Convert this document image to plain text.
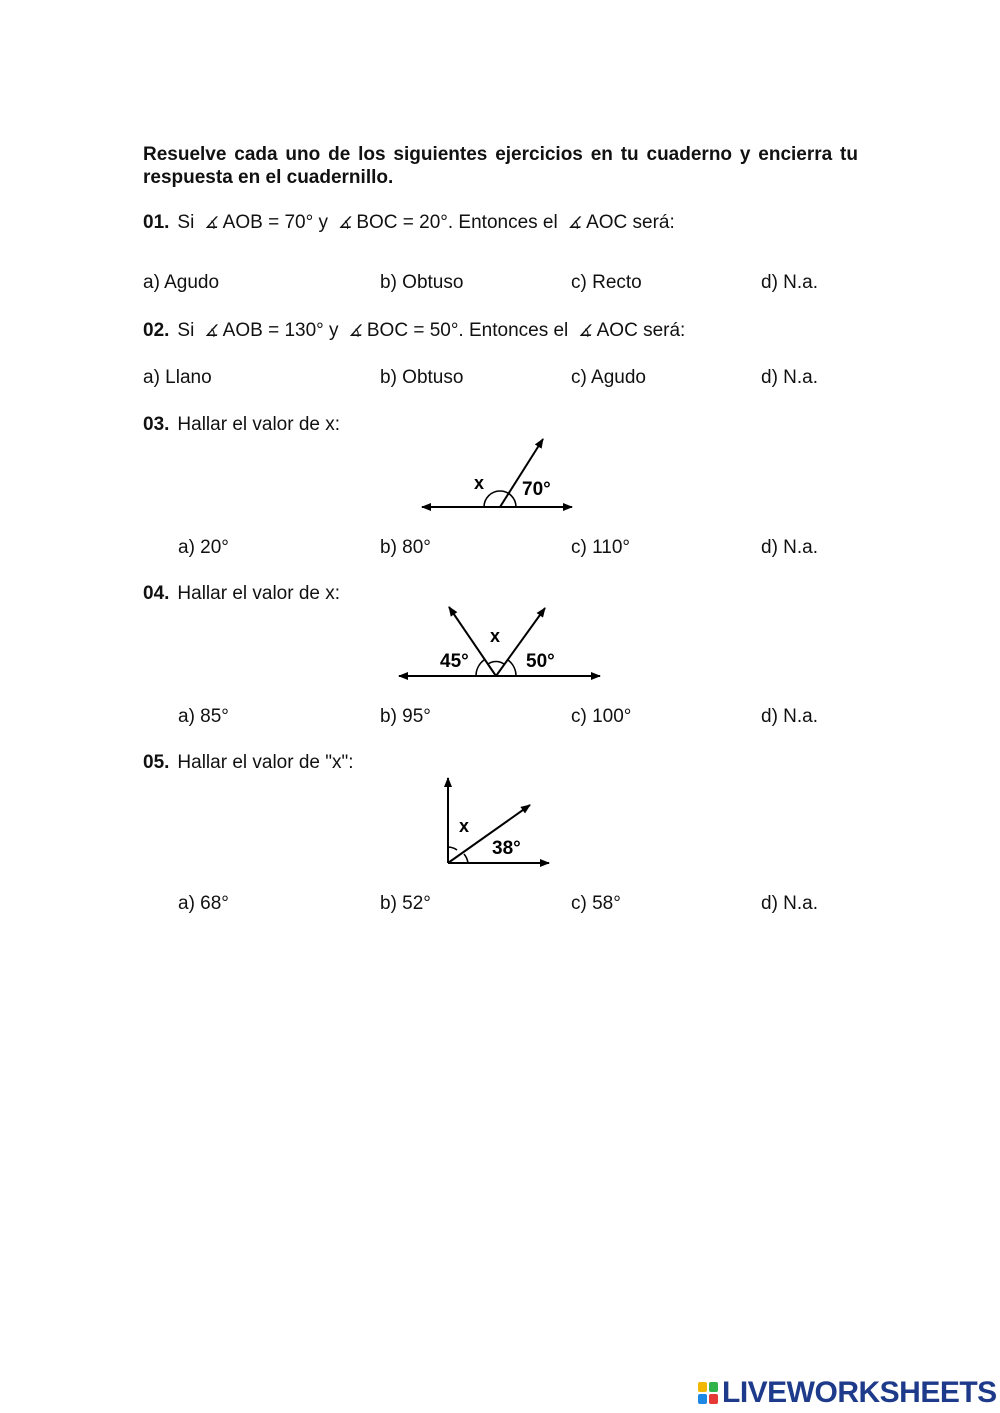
Resuelve cada uno de los siguientes ejercicios en tu cuaderno y encierra tu respuesta en el cuadernillo.
01. Si ∡ AOB = 70° y ∡ BOC = 20°. Entonces el ∡ AOC será:
a) Agudo	b) Obtuso	c) Recto	d) N.a.
02. Si ∡ AOB = 130° y ∡ BOC = 50°. Entonces el ∡ AOC será:
a) Llano	b) Obtuso	c) Agudo	d) N.a.
03. Hallar el valor de x:
x 70°
a) 20°	b) 80°	c) 110°	d) N.a.
04. Hallar el valor de x:
x
45°	50°
a) 85°	b) 95°	c) 100°	d) N.a.
05. Hallar el valor de "x":
x
38°
a) 68°	b) 52°	c) 58°	d) N.a.
LIVEWORKSHEETS
